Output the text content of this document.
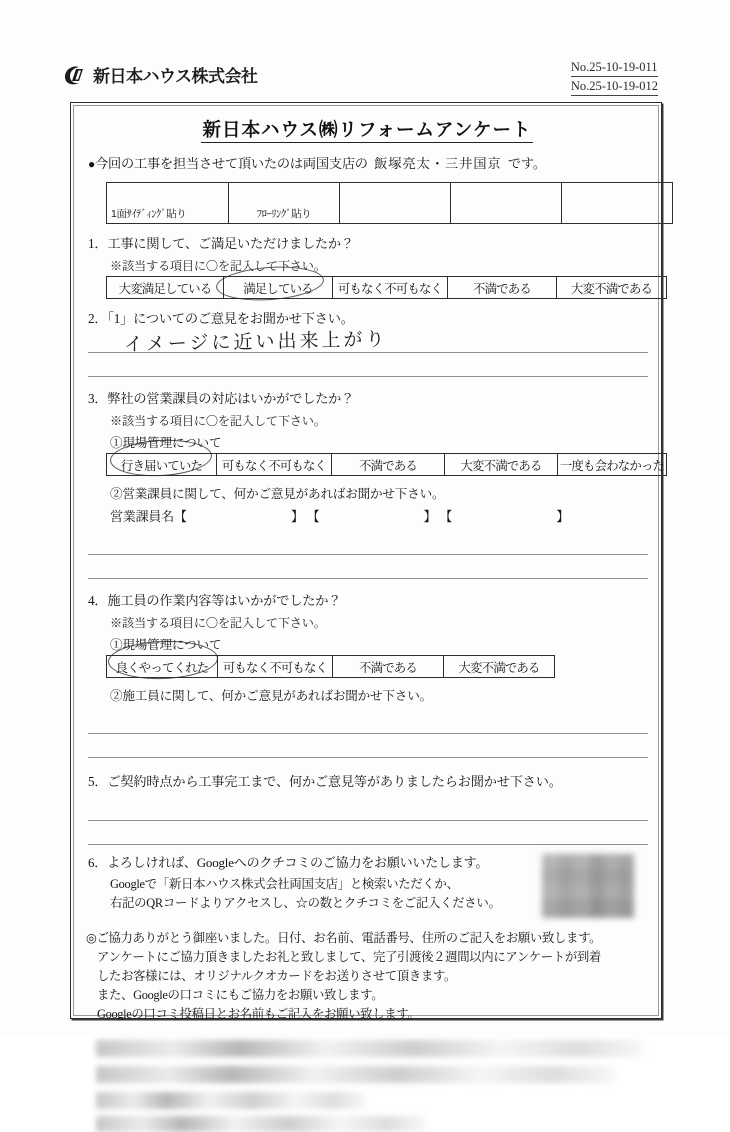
新日本ハウス株式会社	No.25-10-19-011
No.25-10-19-012
新日本ハウス㈱リフォームアンケート
●今回の工事を担当させて頂いたのは両国支店の 飯塚亮太・三井国京 です。
1面ｻｲﾃﾞｨﾝｸﾞ貼り	ﾌﾛｰﾘﾝｸﾞ貼り			
1．工事に関して、ご満足いただけましたか？
※該当する項目に〇を記入して下さい。
大変満足している	満足している	可もなく不可もなく	不満である	大変不満である
2．「1」についてのご意見をお聞かせ下さい。
イメージに近い出来上がり
3．弊社の営業課員の対応はいかがでしたか？
※該当する項目に〇を記入して下さい。
①現場管理について
行き届いていた	可もなく不可もなく	不満である	大変不満である	一度も会わなかった
②営業課員に関して、何かご意見があればお聞かせ下さい。
営業課員名【	】 【	】 【	】
4．施工員の作業内容等はいかがでしたか？
※該当する項目に〇を記入して下さい。
①現場管理について
良くやってくれた	可もなく不可もなく	不満である	大変不満である
②施工員に関して、何かご意見があればお聞かせ下さい。
5．ご契約時点から工事完工まで、何かご意見等がありましたらお聞かせ下さい。
6．よろしければ、Googleへのクチコミのご協力をお願いいたします。
Googleで「新日本ハウス株式会社両国支店」と検索いただくか、
右記のQRコードよりアクセスし、☆の数とクチコミをご記入ください。
◎ご協力ありがとう御座いました。日付、お名前、電話番号、住所のご記入をお願い致します。
アンケートにご協力頂きましたお礼と致しまして、完了引渡後２週間以内にアンケートが到着
したお客様には、オリジナルクオカードをお送りさせて頂きます。
また、Googleの口コミにもご協力をお願い致します。
Googleの口コミ投稿日とお名前もご記入をお願い致します。
